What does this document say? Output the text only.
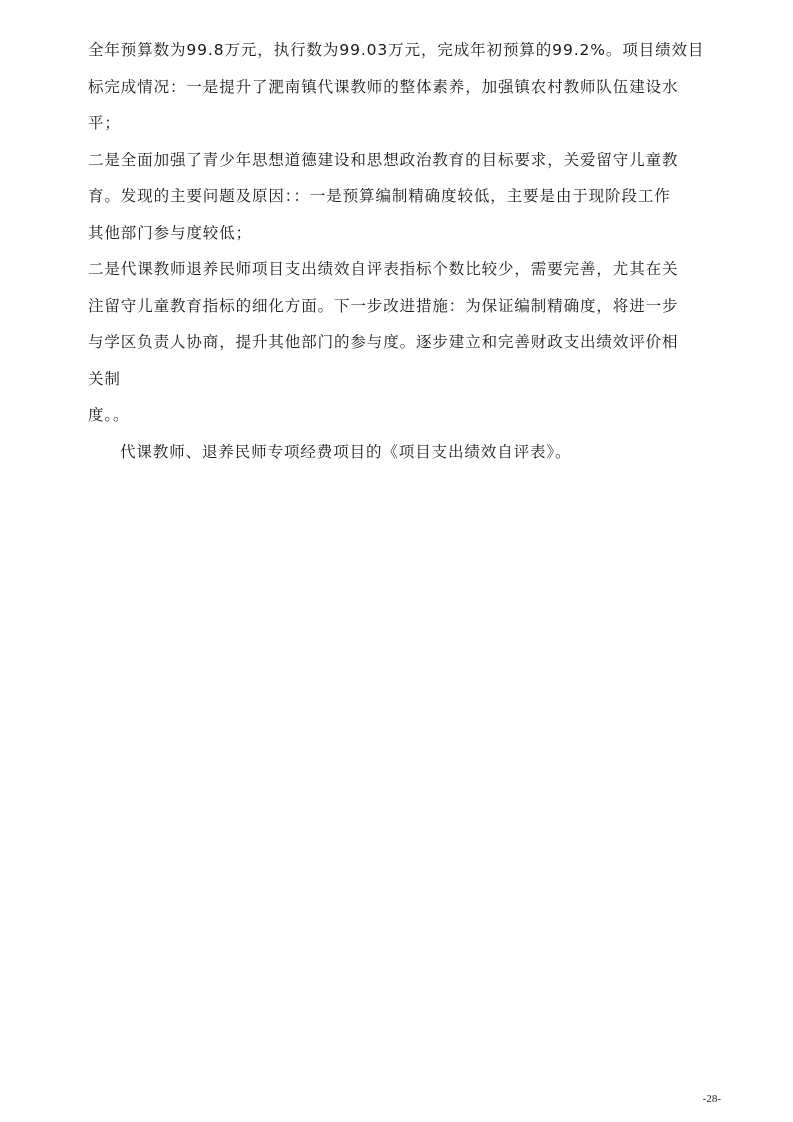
全年预算数为99.8万元，执行数为99.03万元，完成年初预算的99.2%。项目绩效目
标完成情况：一是提升了淝南镇代课教师的整体素养，加强镇农村教师队伍建设水
平；
二是全面加强了青少年思想道德建设和思想政治教育的目标要求，关爱留守儿童教
育。发现的主要问题及原因：：一是预算编制精确度较低，主要是由于现阶段工作
其他部门参与度较低；
二是代课教师退养民师项目支出绩效自评表指标个数比较少，需要完善，尤其在关
注留守儿童教育指标的细化方面。下一步改进措施：为保证编制精确度，将进一步
与学区负责人协商，提升其他部门的参与度。逐步建立和完善财政支出绩效评价相
关制
度。。
代课教师、退养民师专项经费项目的《项目支出绩效自评表》。
-28-
